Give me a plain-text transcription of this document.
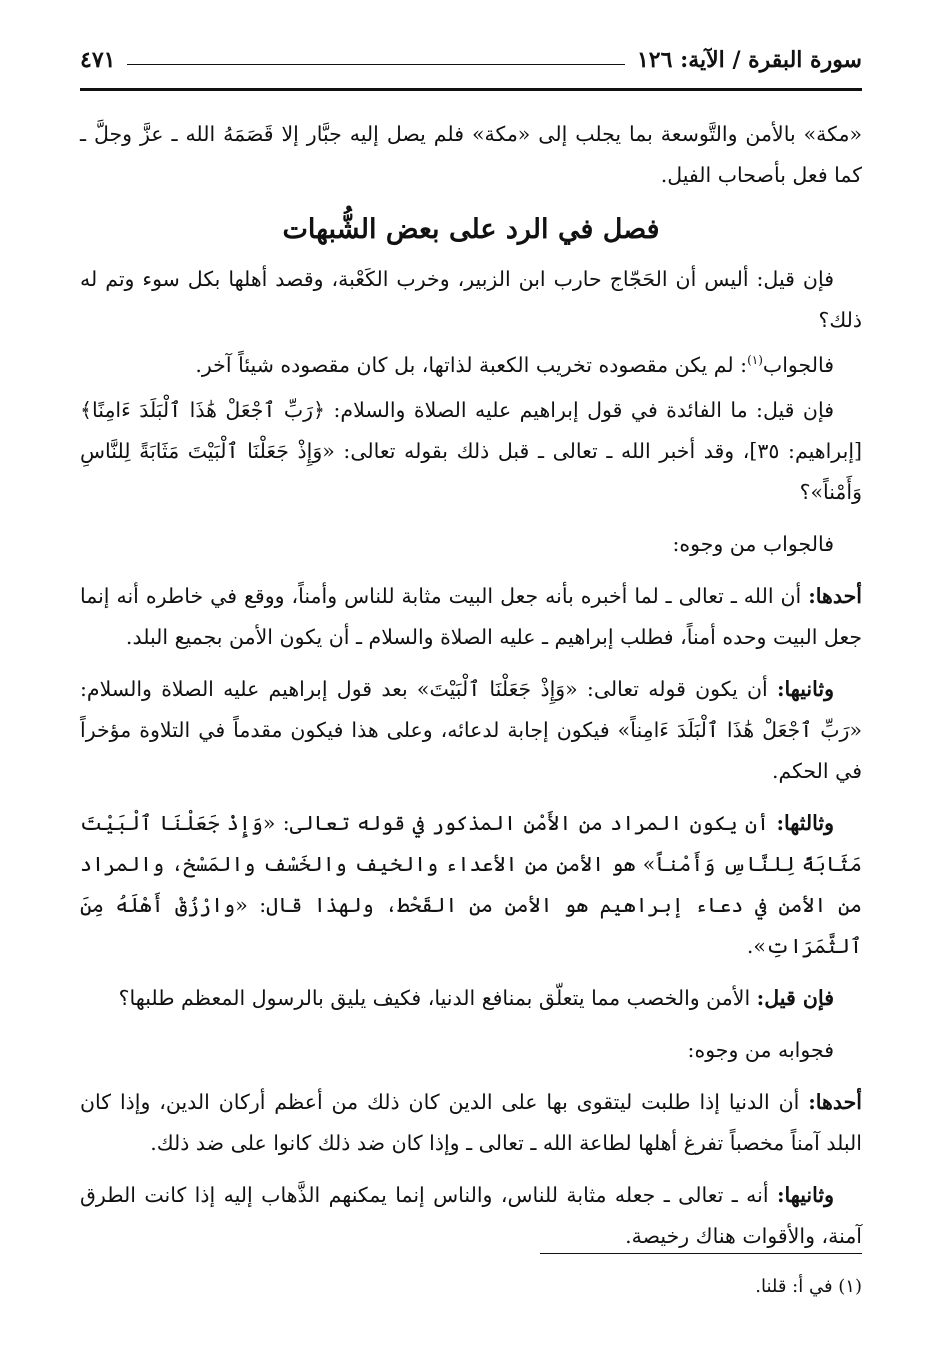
سورة البقرة / الآية: ١٢٦
٤٧١

«مكة» بالأمن والتَّوسعة بما يجلب إلى «مكة» فلم يصل إليه جبَّار إلا قَصَمَهُ الله ـ عزَّ وجلَّ ـ كما فعل بأصحاب الفيل.

فصل في الرد على بعض الشُّبهات

فإن قيل: أليس أن الحَجّاج حارب ابن الزبير، وخرب الكَعْبة، وقصد أهلها بكل سوء وتم له ذلك؟

فالجواب$^{(١)}$: لم يكن مقصوده تخريب الكعبة لذاتها، بل كان مقصوده شيئاً آخر.

فإن قيل: ما الفائدة في قول إبراهيم عليه الصلاة والسلام: ﴿رَبِّ ٱجْعَلْ هَٰذَا ٱلْبَلَدَ ءَامِنًا﴾ [إبراهيم: ٣٥]، وقد أخبر الله ـ تعالى ـ قبل ذلك بقوله تعالى: «وَإِذْ جَعَلْنَا ٱلْبَيْتَ مَثَابَةً لِلنَّاسِ وَأَمْناً»؟

فالجواب من وجوه:

أحدها: أن الله ـ تعالى ـ لما أخبره بأنه جعل البيت مثابة للناس وأمناً، ووقع في خاطره أنه إنما جعل البيت وحده أمناً، فطلب إبراهيم ـ عليه الصلاة والسلام ـ أن يكون الأمن بجميع البلد.

وثانيها: أن يكون قوله تعالى: «وَإِذْ جَعَلْنَا ٱلْبَيْتَ» بعد قول إبراهيم عليه الصلاة والسلام: «رَبِّ ٱجْعَلْ هَٰذَا ٱلْبَلَدَ ءَامِناً» فيكون إجابة لدعائه، وعلى هذا فيكون مقدماً في التلاوة مؤخراً في الحكم.

وثالثها: أن يكون المراد من الأَمْنِ المذكور في قوله تعالى: «وَإِذْ جَعَلْنَا ٱلْبَيْتَ مَثَابَةً لِلنَّاسِ وَأَمْناً» هو الأمن من الأعداء والخيف والخَسْف والمَسْخ، والمراد من الأمن في دعاء إبراهيم هو الأمن من القَحْط، ولهذا قال: «وارْزُقْ أَهْلَهُ مِنَ ٱلثَّمَرَاتِ».

فإن قيل: الأمن والخصب مما يتعلّق بمنافع الدنيا، فكيف يليق بالرسول المعظم طلبها؟

فجوابه من وجوه:

أحدها: أن الدنيا إذا طلبت ليتقوى بها على الدين كان ذلك من أعظم أركان الدين، وإذا كان البلد آمناً مخصباً تفرغ أهلها لطاعة الله ـ تعالى ـ وإذا كان ضد ذلك كانوا على ضد ذلك.

وثانيها: أنه ـ تعالى ـ جعله مثابة للناس، والناس إنما يمكنهم الذَّهاب إليه إذا كانت الطرق آمنة، والأقوات هناك رخيصة.

(١) في أ: قلنا.
